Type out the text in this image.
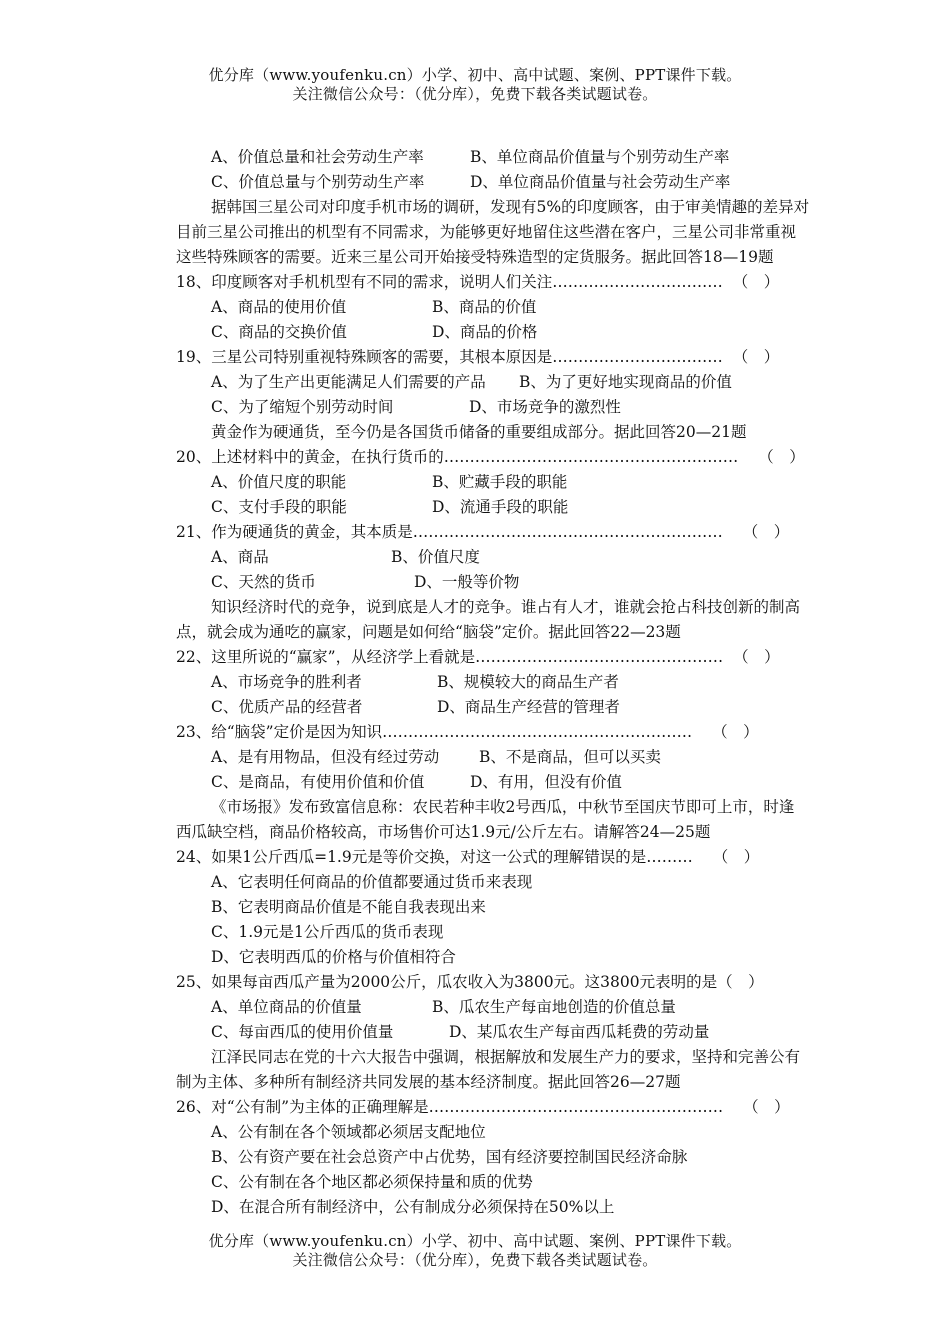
优分库（www.youfenku.cn）小学、初中、高中试题、案例、PPT课件下载。
关注微信公众号：（优分库），免费下载各类试题试卷。
A、价值总量和社会劳动生产率	B、单位商品价值量与个别劳动生产率
C、价值总量与个别劳动生产率	D、单位商品价值量与社会劳动生产率
据韩国三星公司对印度手机市场的调研，发现有5%的印度顾客，由于审美情趣的差异对
目前三星公司推出的机型有不同需求，为能够更好地留住这些潜在客户，三星公司非常重视
这些特殊顾客的需要。近来三星公司开始接受特殊造型的定货服务。据此回答18—19题
18、印度顾客对手机机型有不同的需求，说明人们关注…………………………… （　）
A、商品的使用价值	B、商品的价值
C、商品的交换价值	D、商品的价格
19、三星公司特别重视特殊顾客的需要，其根本原因是…………………………… （　）
A、为了生产出更能满足人们需要的产品 B、为了更好地实现商品的价值
C、为了缩短个别劳动时间	D、市场竞争的激烈性
黄金作为硬通货，至今仍是各国货币储备的重要组成部分。据此回答20—21题
20、上述材料中的黄金，在执行货币的………………………………………………… （　）
A、价值尺度的职能	B、贮藏手段的职能
C、支付手段的职能	D、流通手段的职能
21、作为硬通货的黄金，其本质是…………………………………………………… （　）
A、商品	B、价值尺度
C、天然的货币	D、一般等价物
知识经济时代的竞争，说到底是人才的竞争。谁占有人才，谁就会抢占科技创新的制高
点，就会成为通吃的赢家，问题是如何给“脑袋”定价。据此回答22—23题
22、这里所说的“赢家”，从经济学上看就是………………………………………… （　）
A、市场竞争的胜利者	B、规模较大的商品生产者
C、优质产品的经营者	D、商品生产经营的管理者
23、给“脑袋”定价是因为知识…………………………………………………… （　）
A、是有用物品，但没有经过劳动	B、不是商品，但可以买卖
C、是商品，有使用价值和价值	D、有用，但没有价值
《市场报》发布致富信息称：农民若种丰收2号西瓜，中秋节至国庆节即可上市，时逢
西瓜缺空档，商品价格较高，市场售价可达1.9元/公斤左右。请解答24—25题
24、如果1公斤西瓜=1.9元是等价交换，对这一公式的理解错误的是……… （　）
A、它表明任何商品的价值都要通过货币来表现
B、它表明商品价值是不能自我表现出来
C、1.9元是1公斤西瓜的货币表现
D、它表明西瓜的价格与价值相符合
25、如果每亩西瓜产量为2000公斤，瓜农收入为3800元。这3800元表明的是（　）
A、单位商品的价值量	B、瓜农生产每亩地创造的价值总量
C、每亩西瓜的使用价值量	D、某瓜农生产每亩西瓜耗费的劳动量
江泽民同志在党的十六大报告中强调，根据解放和发展生产力的要求，坚持和完善公有
制为主体、多种所有制经济共同发展的基本经济制度。据此回答26—27题
26、对“公有制”为主体的正确理解是………………………………………………… （　）
A、公有制在各个领域都必须居支配地位
B、公有资产要在社会总资产中占优势，国有经济要控制国民经济命脉
C、公有制在各个地区都必须保持量和质的优势
D、在混合所有制经济中，公有制成分必须保持在50%以上
优分库（www.youfenku.cn）小学、初中、高中试题、案例、PPT课件下载。
关注微信公众号：（优分库），免费下载各类试题试卷。
